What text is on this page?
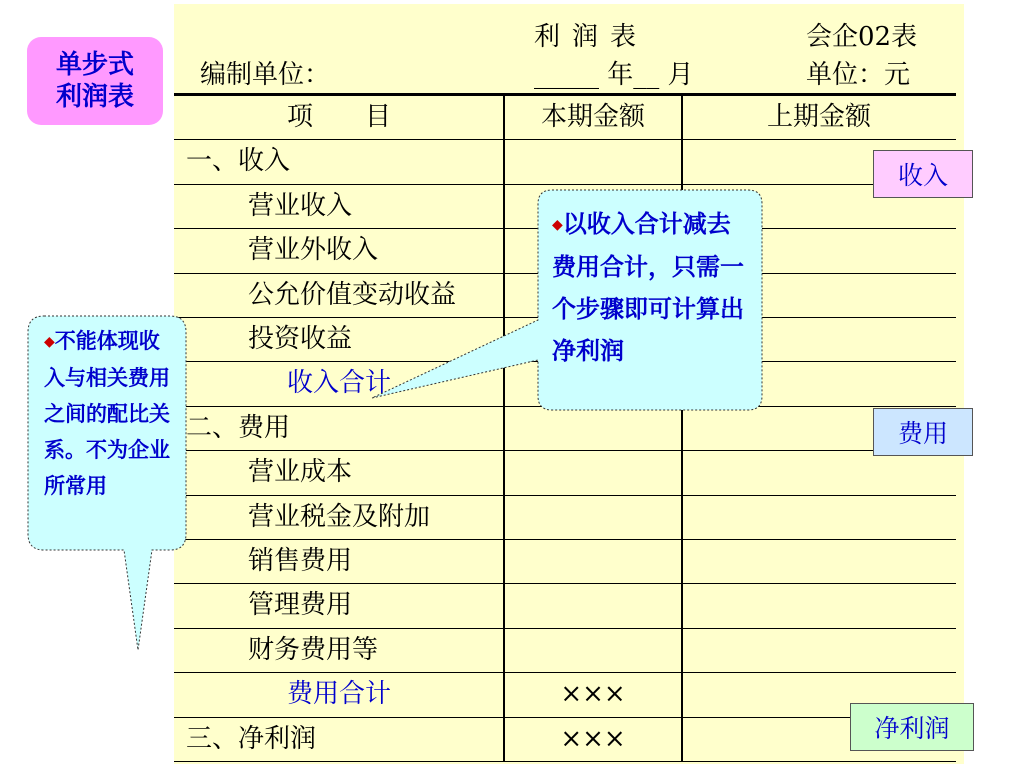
单步式
利润表
利润表	会企02表
编制单位：	_____ 年__ 月	单位：元
项　　目	本期金额	上期金额
一、收入
营业收入
营业外收入
公允价值变动收益
投资收益
收入合计
二、费用
营业成本
营业税金及附加
销售费用
管理费用
财务费用等
费用合计	×××
三、净利润	×××
收入
费用
净利润
◆不能体现收入与相关费用之间的配比关系。不为企业所常用
◆以收入合计减去费用合计，只需一个步骤即可计算出净利润
